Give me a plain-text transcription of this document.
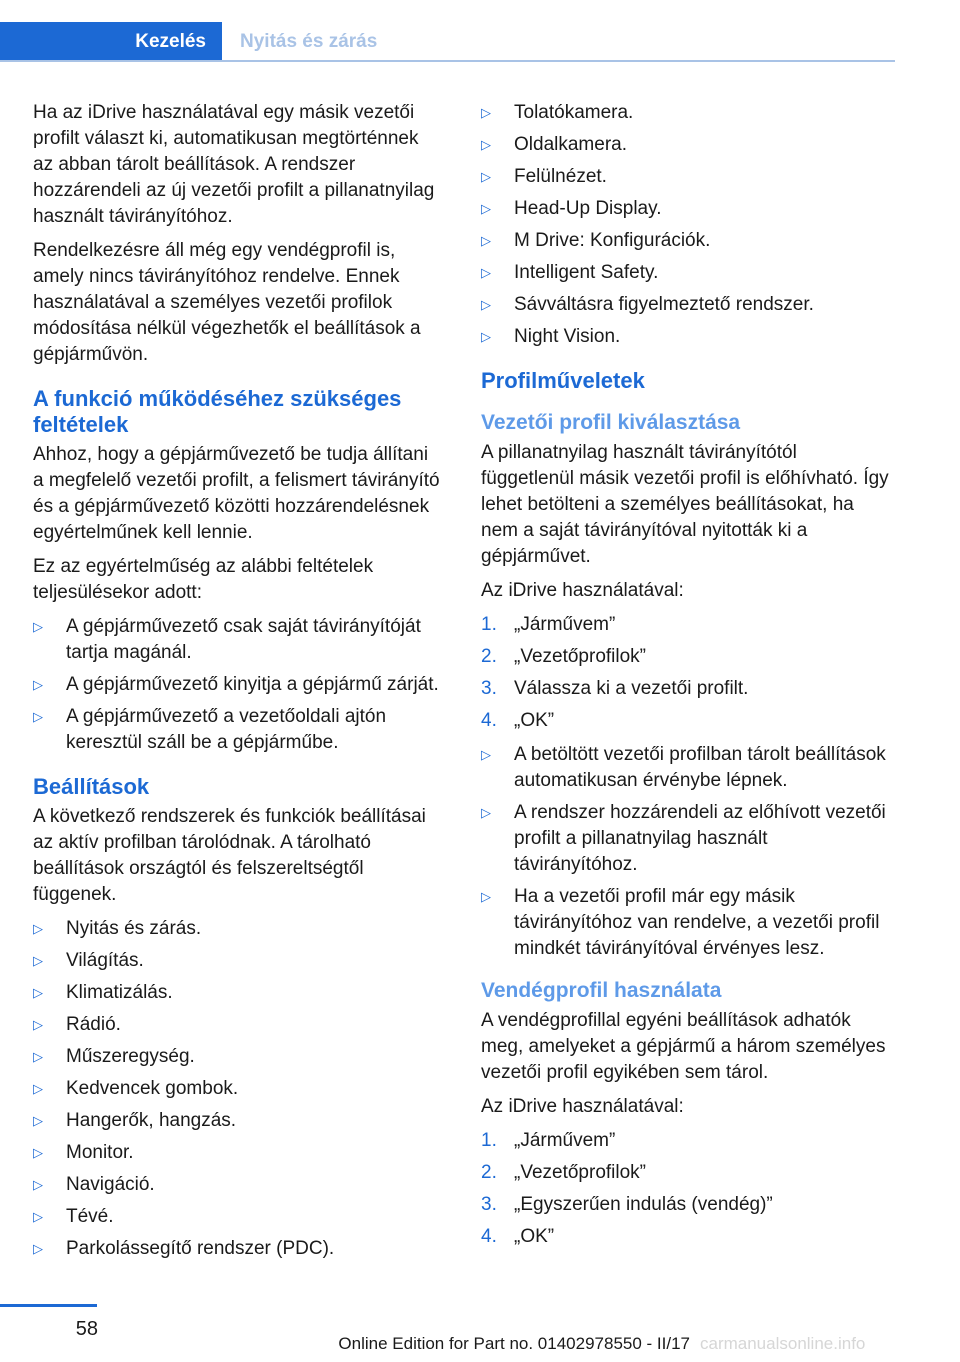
Kezelés	Nyitás és zárás

Ha az iDrive használatával egy másik vezetői profilt választ ki, automatikusan megtörténnek az abban tárolt beállítások. A rendszer hozzárendeli az új vezetői profilt a pillanatnyilag használt távirányítóhoz.

Rendelkezésre áll még egy vendégprofil is, amely nincs távirányítóhoz rendelve. Ennek használatával a személyes vezetői profilok módosítása nélkül végezhetők el beállítások a gépjárművön.

A funkció működéséhez szükséges feltételek

Ahhoz, hogy a gépjárművezető be tudja állítani a megfelelő vezetői profilt, a felismert távirányító és a gépjárművezető közötti hozzárendelésnek egyértelműnek kell lennie.

Ez az egyértelműség az alábbi feltételek teljesülésekor adott:

▷	A gépjárművezető csak saját távirányítóját tartja magánál.
▷	A gépjárművezető kinyitja a gépjármű zárját.
▷	A gépjárművezető a vezetőoldali ajtón keresztül száll be a gépjárműbe.
Beállítások

A következő rendszerek és funkciók beállításai az aktív profilban tárolódnak. A tárolható beállítások országtól és felszereltségtől függenek.

▷	Nyitás és zárás.
▷	Világítás.
▷	Klimatizálás.
▷	Rádió.
▷	Műszeregység.
▷	Kedvencek gombok.
▷	Hangerők, hangzás.
▷	Monitor.
▷	Navigáció.
▷	Tévé.
▷	Parkolássegítő rendszer (PDC).
▷	Tolatókamera.
▷	Oldalkamera.
▷	Felülnézet.
▷	Head-Up Display.
▷	M Drive: Konfigurációk.
▷	Intelligent Safety.
▷	Sávváltásra figyelmeztető rendszer.
▷	Night Vision.
Profilműveletek
Vezetői profil kiválasztása

A pillanatnyilag használt távirányítótól függetlenül másik vezetői profil is előhívható. Így lehet betölteni a személyes beállításokat, ha nem a saját távirányítóval nyitották ki a gépjárművet.

Az iDrive használatával:

1. „Járművem”
2. „Vezetőprofilok”
3. Válassza ki a vezetői profilt.
4. „OK”
▷	A betöltött vezetői profilban tárolt beállítások automatikusan érvénybe lépnek.
▷	A rendszer hozzárendeli az előhívott vezetői profilt a pillanatnyilag használt távirányítóhoz.
▷	Ha a vezetői profil már egy másik távirányítóhoz van rendelve, a vezetői profil mindkét távirányítóval érvényes lesz.
Vendégprofil használata

A vendégprofillal egyéni beállítások adhatók meg, amelyeket a gépjármű a három személyes vezetői profil egyikében sem tárol.

Az iDrive használatával:

1. „Járművem”
2. „Vezetőprofilok”
3. „Egyszerűen indulás (vendég)”
4. „OK”
58
Online Edition for Part no. 01402978550 - II/17 carmanualsonline.info
